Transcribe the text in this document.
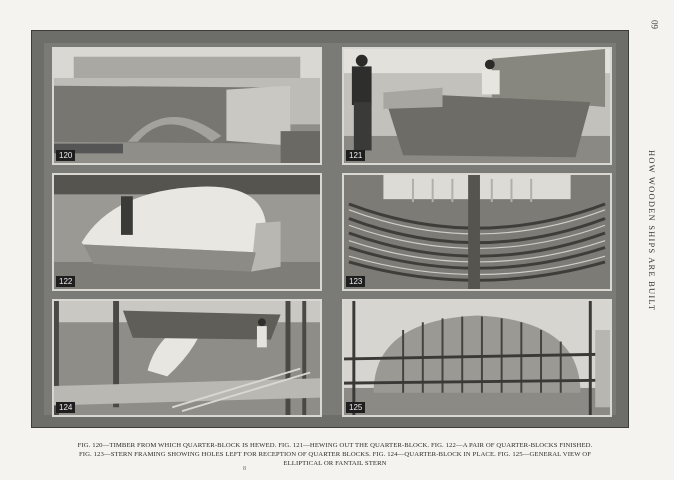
60
HOW WOODEN SHIPS ARE BUILT
120	121
122	123
124	125
FIG. 120—TIMBER FROM WHICH QUARTER-BLOCK IS HEWED. FIG. 121—HEWING OUT THE QUARTER-BLOCK. FIG. 122—A PAIR OF QUARTER-BLOCKS FINISHED.
FIG. 123—STERN FRAMING SHOWING HOLES LEFT FOR RECEPTION OF QUARTER BLOCKS. FIG. 124—QUARTER-BLOCK IN PLACE. FIG. 125—GENERAL VIEW OF
ELLIPTICAL OR FANTAIL STERN
8
